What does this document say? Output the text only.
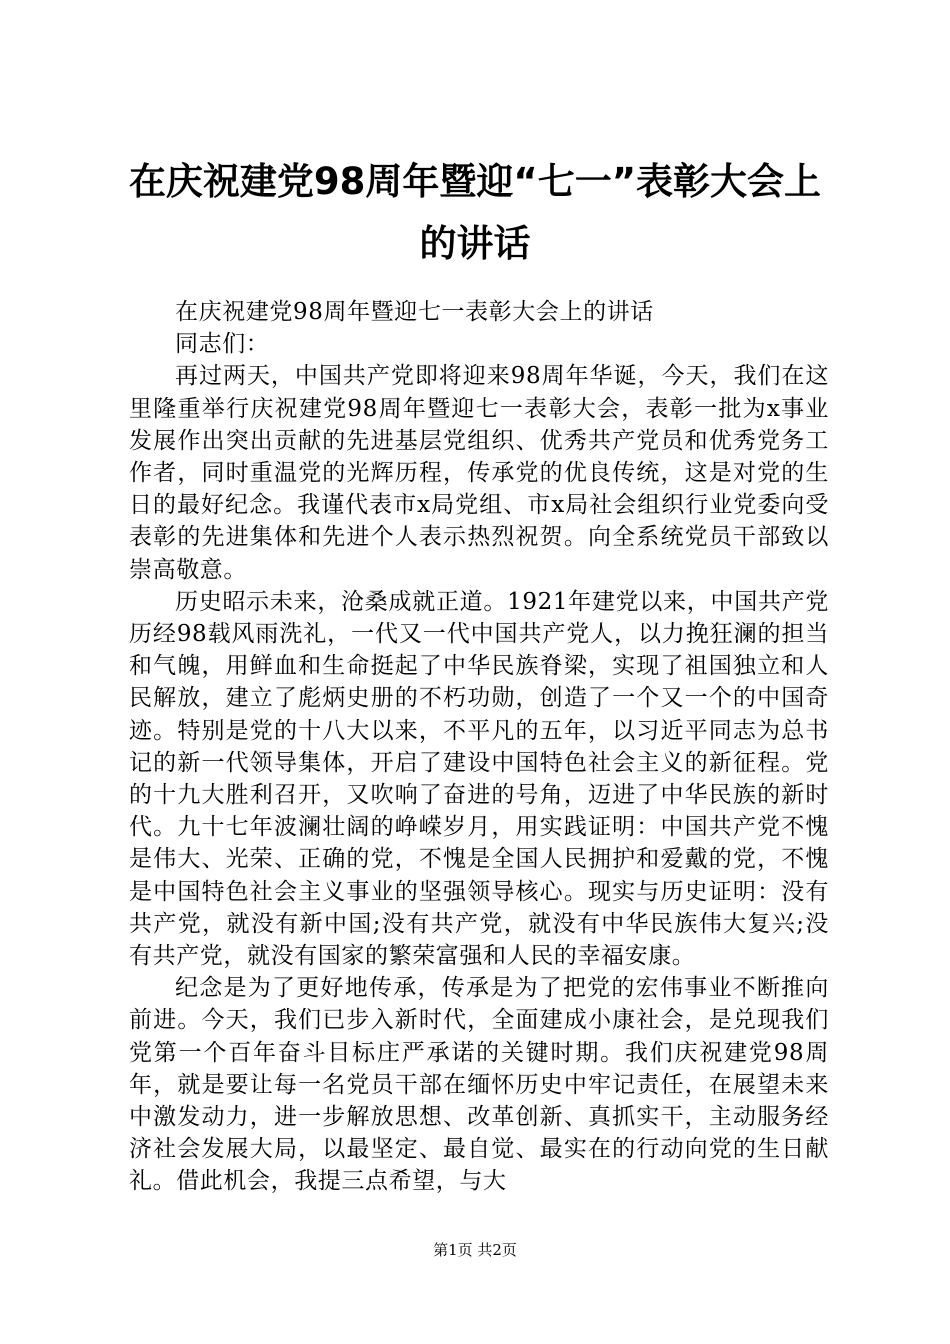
在庆祝建党98周年暨迎“七一”表彰大会上
的讲话

在庆祝建党98周年暨迎七一表彰大会上的讲话

同志们：

再过两天，中国共产党即将迎来98周年华诞，今天，我们在这里隆重举行庆祝建党98周年暨迎七一表彰大会，表彰一批为x事业发展作出突出贡献的先进基层党组织、优秀共产党员和优秀党务工作者，同时重温党的光辉历程，传承党的优良传统，这是对党的生日的最好纪念。我谨代表市x局党组、市x局社会组织行业党委向受表彰的先进集体和先进个人表示热烈祝贺。向全系统党员干部致以崇高敬意。

历史昭示未来，沧桑成就正道。1921年建党以来，中国共产党历经98载风雨洗礼，一代又一代中国共产党人，以力挽狂澜的担当和气魄，用鲜血和生命挺起了中华民族脊梁，实现了祖国独立和人民解放，建立了彪炳史册的不朽功勋，创造了一个又一个的中国奇迹。特别是党的十八大以来，不平凡的五年，以习近平同志为总书记的新一代领导集体，开启了建设中国特色社会主义的新征程。党的十九大胜利召开，又吹响了奋进的号角，迈进了中华民族的新时代。九十七年波澜壮阔的峥嵘岁月，用实践证明：中国共产党不愧是伟大、光荣、正确的党，不愧是全国人民拥护和爱戴的党，不愧是中国特色社会主义事业的坚强领导核心。现实与历史证明：没有共产党，就没有新中国;没有共产党，就没有中华民族伟大复兴;没有共产党，就没有国家的繁荣富强和人民的幸福安康。

纪念是为了更好地传承，传承是为了把党的宏伟事业不断推向前进。今天，我们已步入新时代，全面建成小康社会，是兑现我们党第一个百年奋斗目标庄严承诺的关键时期。我们庆祝建党98周年，就是要让每一名党员干部在缅怀历史中牢记责任，在展望未来中激发动力，进一步解放思想、改革创新、真抓实干，主动服务经济社会发展大局，以最坚定、最自觉、最实在的行动向党的生日献礼。借此机会，我提三点希望，与大

第1页 共2页
